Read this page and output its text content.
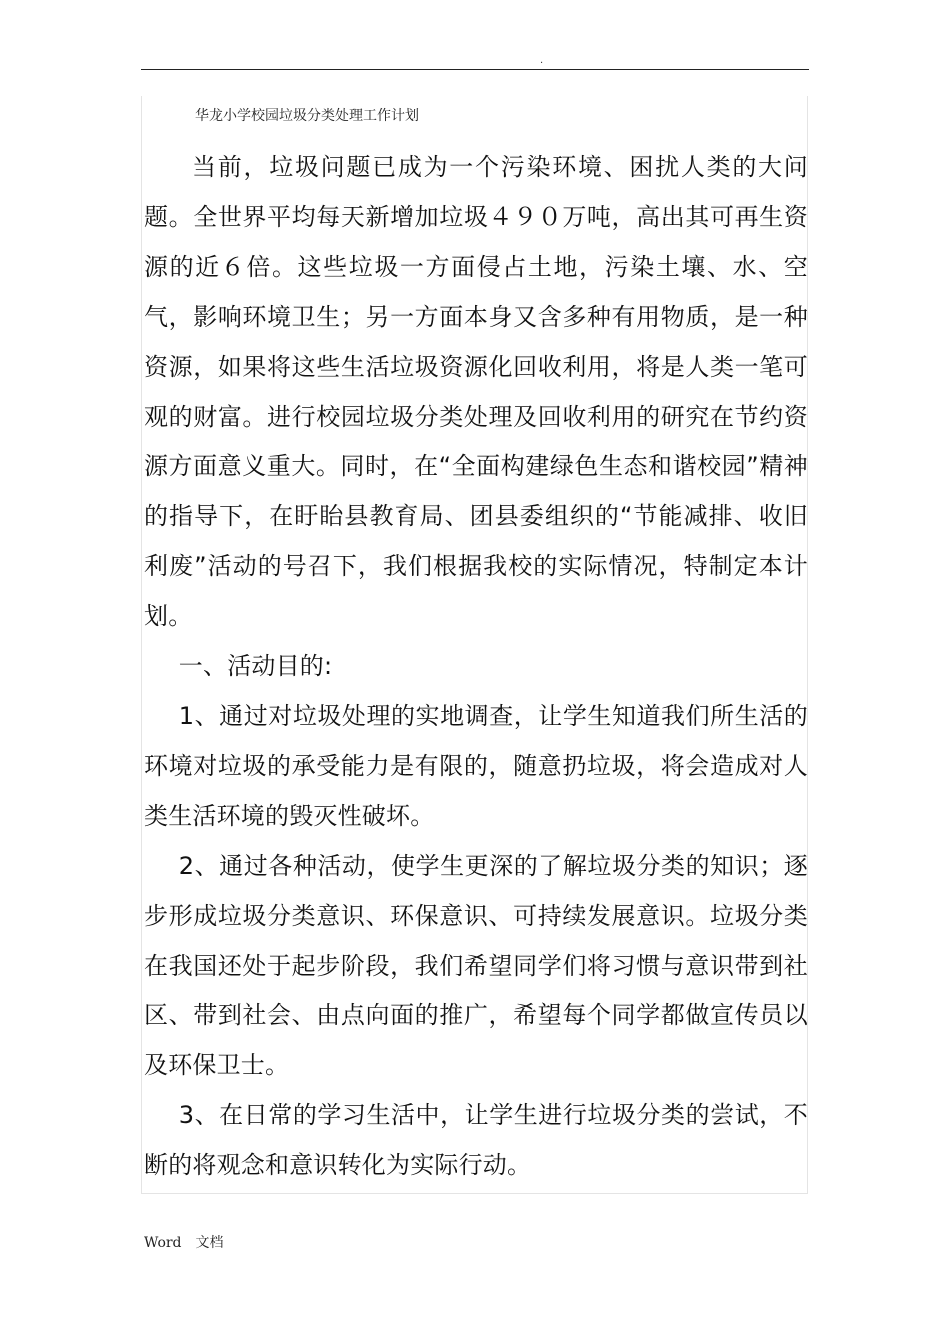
.
华龙小学校园垃圾分类处理工作计划

当前，垃圾问题已成为一个污染环境、困扰人类的大问题。全世界平均每天新增加垃圾４９０万吨，高出其可再生资源的近６倍。这些垃圾一方面侵占土地，污染土壤、水、空气，影响环境卫生；另一方面本身又含多种有用物质，是一种资源，如果将这些生活垃圾资源化回收利用，将是人类一笔可观的财富。进行校园垃圾分类处理及回收利用的研究在节约资源方面意义重大。同时，在“全面构建绿色生态和谐校园”精神的指导下，在盱眙县教育局、团县委组织的“节能减排、收旧利废”活动的号召下，我们根据我校的实际情况，特制定本计划。

一、活动目的:

1、通过对垃圾处理的实地调查，让学生知道我们所生活的环境对垃圾的承受能力是有限的，随意扔垃圾，将会造成对人类生活环境的毁灭性破坏。

2、通过各种活动，使学生更深的了解垃圾分类的知识；逐步形成垃圾分类意识、环保意识、可持续发展意识。垃圾分类在我国还处于起步阶段，我们希望同学们将习惯与意识带到社区、带到社会、由点向面的推广，希望每个同学都做宣传员以及环保卫士。

3、在日常的学习生活中，让学生进行垃圾分类的尝试，不断的将观念和意识转化为实际行动。

Word 文档
